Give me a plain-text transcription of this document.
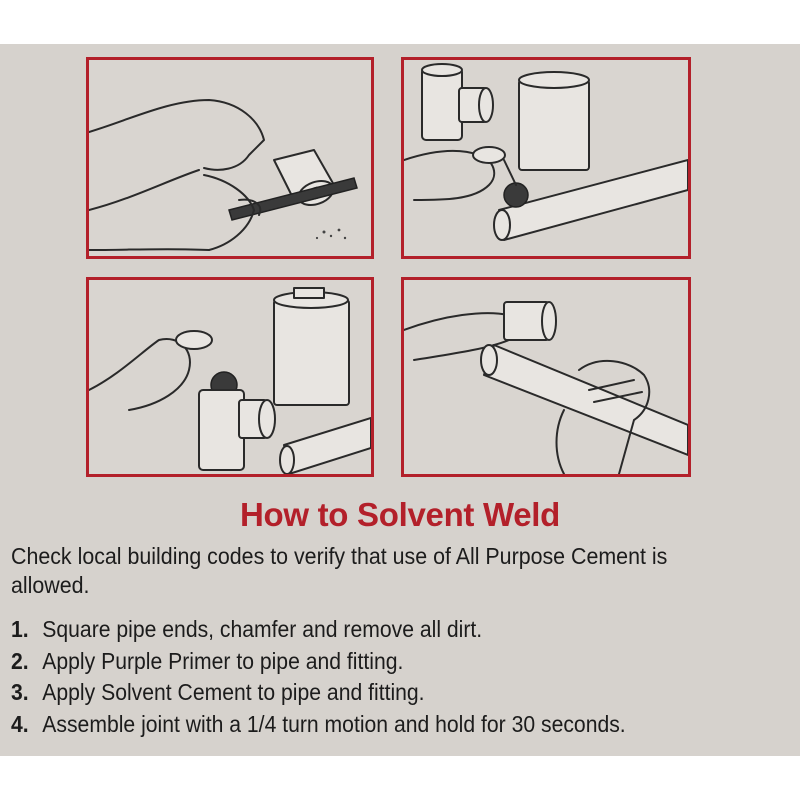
How to Solvent Weld
Check local building codes to verify that use of All Purpose Cement is allowed.
1. Square pipe ends, chamfer and remove all dirt.
2. Apply Purple Primer to pipe and fitting.
3. Apply Solvent Cement to pipe and fitting.
4. Assemble joint with a 1/4 turn motion and hold for 30 seconds.
